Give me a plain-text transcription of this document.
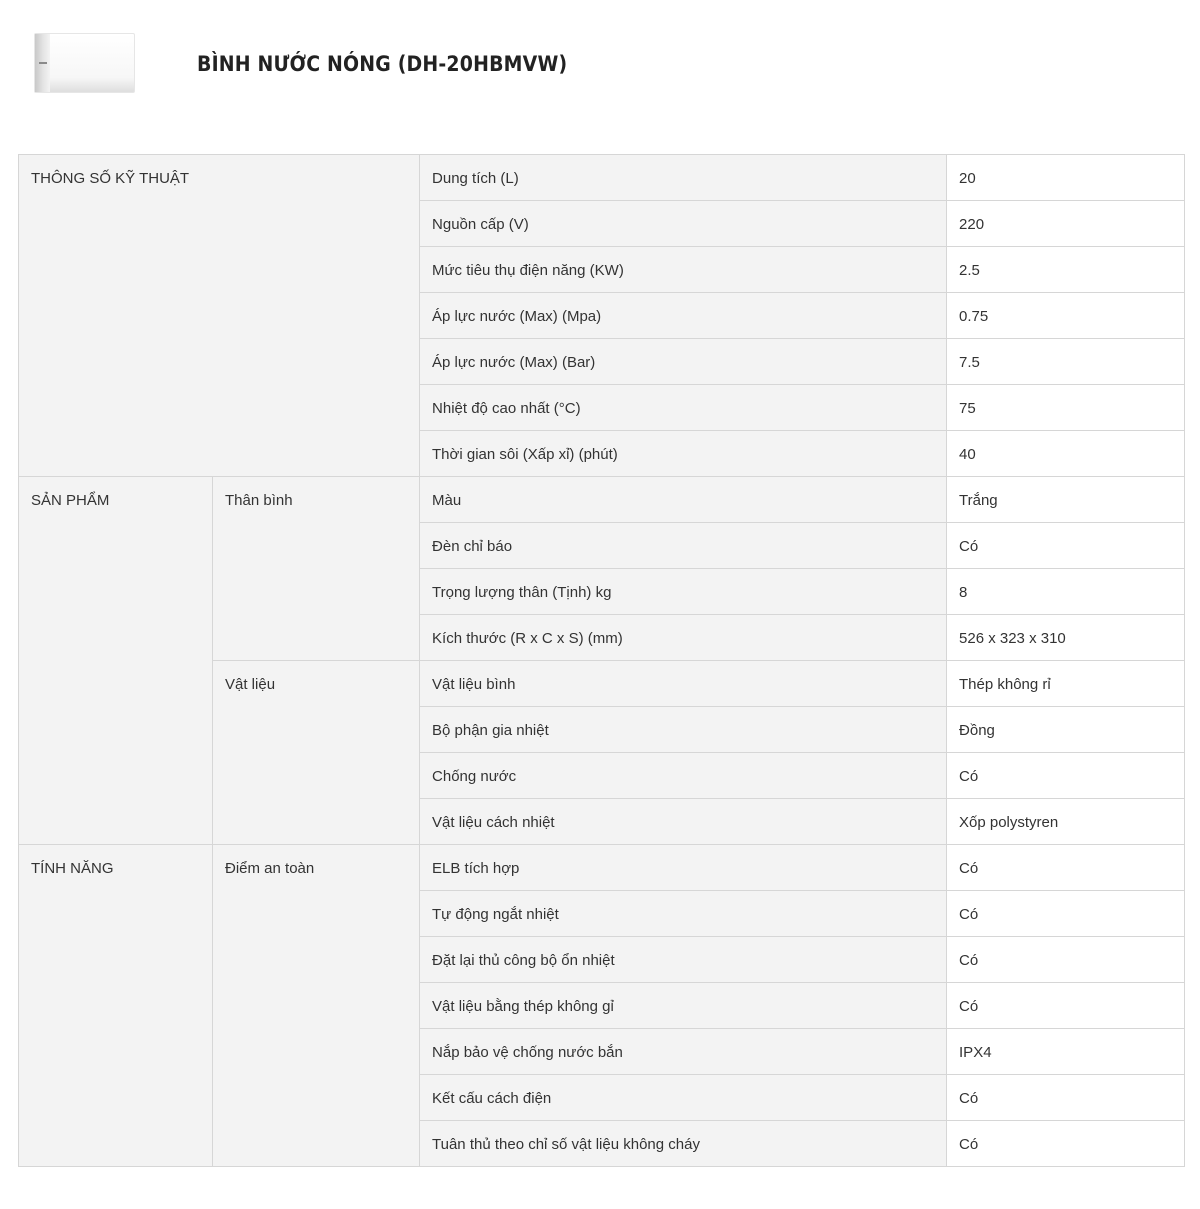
BÌNH NƯỚC NÓNG (DH-20HBMVW)
THÔNG SỐ KỸ THUẬT		Dung tích (L)	20
		Nguồn cấp (V)	220
		Mức tiêu thụ điện năng (KW)	2.5
		Áp lực nước (Max) (Mpa)	0.75
		Áp lực nước (Max) (Bar)	7.5
		Nhiệt độ cao nhất (°C)	75
		Thời gian sôi (Xấp xỉ) (phút)	40
SẢN PHẨM	Thân bình	Màu	Trắng
		Đèn chỉ báo	Có
		Trọng lượng thân (Tịnh) kg	8
		Kích thước (R x C x S) (mm)	526 x 323 x 310
	Vật liệu	Vật liệu bình	Thép không rỉ
		Bộ phận gia nhiệt	Đồng
		Chống nước	Có
		Vật liệu cách nhiệt	Xốp polystyren
TÍNH NĂNG	Điểm an toàn	ELB tích hợp	Có
		Tự động ngắt nhiệt	Có
		Đặt lại thủ công bộ ổn nhiệt	Có
		Vật liệu bằng thép không gỉ	Có
		Nắp bảo vệ chống nước bắn	IPX4
		Kết cấu cách điện	Có
		Tuân thủ theo chỉ số vật liệu không cháy	Có
